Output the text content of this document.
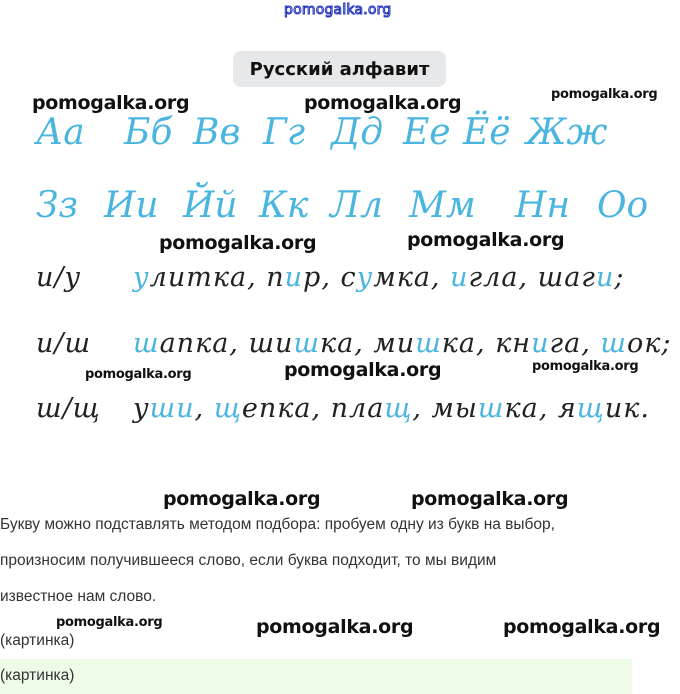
pomogalka.org
Русский алфавит
pomogalka.org	pomogalka.org	pomogalka.org
pomogalka.org	pomogalka.org
pomogalka.org	pomogalka.org	pomogalka.org
pomogalka.org	pomogalka.org
pomogalka.org	pomogalka.org	pomogalka.org
Аа Бб Вв Гг Дд Ее Ёё Жж
Зз Ии Йй Кк Лл Мм Нн Оо
и/у улитка, пир, сумка, игла, шаги;
и/ш шапка, шишка, мишка, книга, шок;
ш/щ уши, щепка, плащ, мышка, ящик.
Букву можно подставлять методом подбора: пробуем одну из букв на выбор,
произносим получившееся слово, если буква подходит, то мы видим
известное нам слово.
(картинка)
(картинка)
